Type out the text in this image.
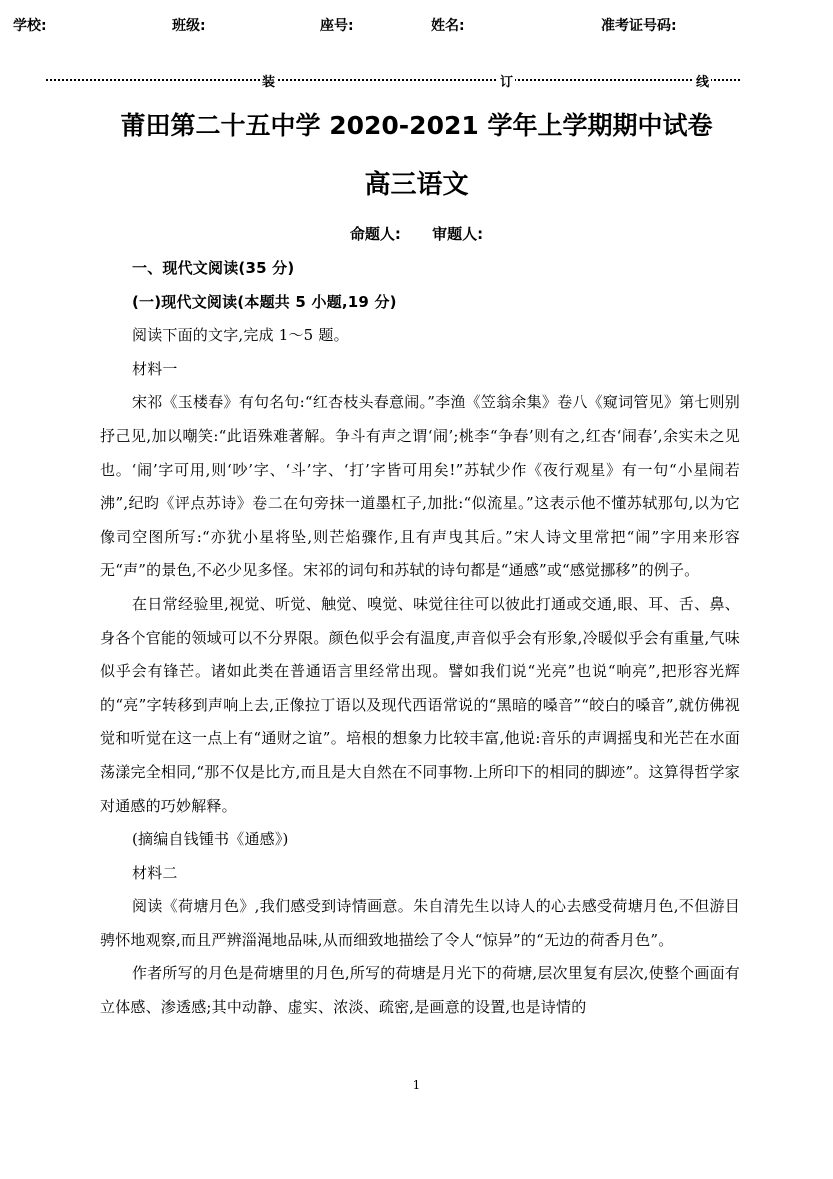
学校:	班级:	座号:	姓名:	准考证号码:
装	订	线
莆田第二十五中学 2020-2021 学年上学期期中试卷
高三语文
命题人: 审题人:

一、现代文阅读(35 分)

(一)现代文阅读(本题共 5 小题,19 分)

阅读下面的文字,完成 1～5 题。

材料一

宋祁《玉楼春》有句名句:“红杏枝头春意闹。”李渔《笠翁余集》卷八《窥词管见》第七则别抒己见,加以嘲笑:“此语殊难著解。争斗有声之谓‘闹’;桃李“争春’则有之,红杏‘闹春’,余实未之见也。‘闹’字可用,则‘吵’字、‘斗’字、‘打’字皆可用矣!”苏轼少作《夜行观星》有一句“小星闹若沸”,纪昀《评点苏诗》卷二在句旁抹一道墨杠子,加批:“似流星。”这表示他不懂苏轼那句,以为它像司空图所写:“亦犹小星将坠,则芒焰骤作,且有声曳其后。”宋人诗文里常把“闹”字用来形容无“声”的景色,不必少见多怪。宋祁的词句和苏轼的诗句都是“通感”或“感觉挪移”的例子。

在日常经验里,视觉、听觉、触觉、嗅觉、味觉往往可以彼此打通或交通,眼、耳、舌、鼻、身各个官能的领域可以不分界限。颜色似乎会有温度,声音似乎会有形象,冷暖似乎会有重量,气味似乎会有锋芒。诸如此类在普通语言里经常出现。譬如我们说“光亮”也说“响亮”,把形容光辉的“亮”字转移到声响上去,正像拉丁语以及现代西语常说的“黑暗的嗓音”“皎白的嗓音”,就仿佛视觉和听觉在这一点上有“通财之谊”。培根的想象力比较丰富,他说:音乐的声调摇曳和光芒在水面荡漾完全相同,“那不仅是比方,而且是大自然在不同事物.上所印下的相同的脚迹”。这算得哲学家对通感的巧妙解释。

(摘编自钱锺书《通感》)

材料二

阅读《荷塘月色》,我们感受到诗情画意。朱自清先生以诗人的心去感受荷塘月色,不但游目骋怀地观察,而且严辨淄渑地品味,从而细致地描绘了令人“惊异”的“无边的荷香月色”。

作者所写的月色是荷塘里的月色,所写的荷塘是月光下的荷塘,层次里复有层次,使整个画面有立体感、渗透感;其中动静、虚实、浓淡、疏密,是画意的设置,也是诗情的

1
